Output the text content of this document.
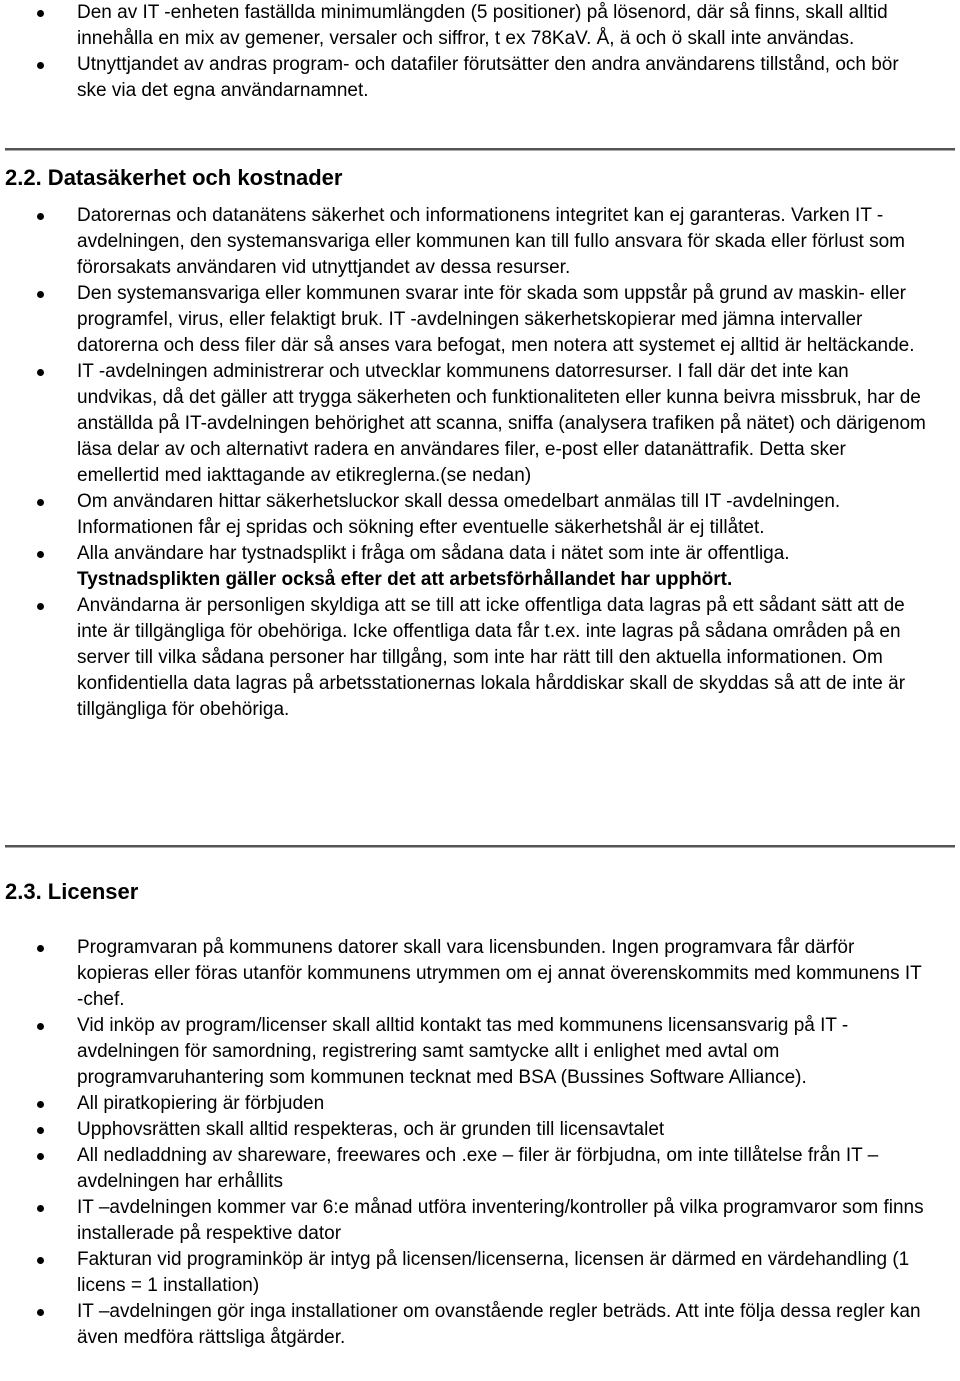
Den av IT -enheten faställda minimumlängden (5 positioner) på lösenord, där så finns, skall alltid innehålla en mix av gemener, versaler och siffror, t ex 78KaV. Å, ä och ö skall inte användas.
Utnyttjandet av andras program- och datafiler förutsätter den andra användarens tillstånd, och bör ske via det egna användarnamnet.
2.2. Datasäkerhet och kostnader
Datorernas och datanätens säkerhet och informationens integritet kan ej garanteras. Varken IT -avdelningen, den systemansvariga eller kommunen kan till fullo ansvara för skada eller förlust som förorsakats användaren vid utnyttjandet av dessa resurser.
Den systemansvariga eller kommunen svarar inte för skada som uppstår på grund av maskin- eller programfel, virus, eller felaktigt bruk. IT -avdelningen säkerhetskopierar med jämna intervaller datorerna och dess filer där så anses vara befogat, men notera att systemet ej alltid är heltäckande.
IT -avdelningen administrerar och utvecklar kommunens datorresurser. I fall där det inte kan undvikas, då det gäller att trygga säkerheten och funktionaliteten eller kunna beivra missbruk, har de anställda på IT-avdelningen behörighet att scanna, sniffa (analysera trafiken på nätet) och därigenom läsa delar av och alternativt radera en användares filer, e-post eller datanättrafik. Detta sker emellertid med iakttagande av etikreglerna.(se nedan)
Om användaren hittar säkerhetsluckor skall dessa omedelbart anmälas till IT -avdelningen. Informationen får ej spridas och sökning efter eventuelle säkerhetshål är ej tillåtet.
Alla användare har tystnadsplikt i fråga om sådana data i nätet som inte är offentliga.
Tystnadsplikten gäller också efter det att arbetsförhållandet har upphört.
Användarna är personligen skyldiga att se till att icke offentliga data lagras på ett sådant sätt att de inte är tillgängliga för obehöriga. Icke offentliga data får t.ex. inte lagras på sådana områden på en server till vilka sådana personer har tillgång, som inte har rätt till den aktuella informationen. Om konfidentiella data lagras på arbetsstationernas lokala hårddiskar skall de skyddas så att de inte är tillgängliga för obehöriga.
2.3. Licenser
Programvaran på kommunens datorer skall vara licensbunden. Ingen programvara får därför kopieras eller föras utanför kommunens utrymmen om ej annat överenskommits med kommunens IT -chef.
Vid inköp av program/licenser skall alltid kontakt tas med kommunens licensansvarig på IT -avdelningen för samordning, registrering samt samtycke allt i enlighet med avtal om programvaruhantering som kommunen tecknat med BSA (Bussines Software Alliance).
All piratkopiering är förbjuden
Upphovsrätten skall alltid respekteras, och är grunden till licensavtalet
All nedladdning av shareware, freewares och .exe – filer är förbjudna, om inte tillåtelse från IT –avdelningen har erhållits
IT –avdelningen kommer var 6:e månad utföra inventering/kontroller på vilka programvaror som finns installerade på respektive dator
Fakturan vid programinköp är intyg på licensen/licenserna, licensen är därmed en värdehandling (1 licens = 1 installation)
IT –avdelningen gör inga installationer om ovanstående regler beträds. Att inte följa dessa regler kan även medföra rättsliga åtgärder.
